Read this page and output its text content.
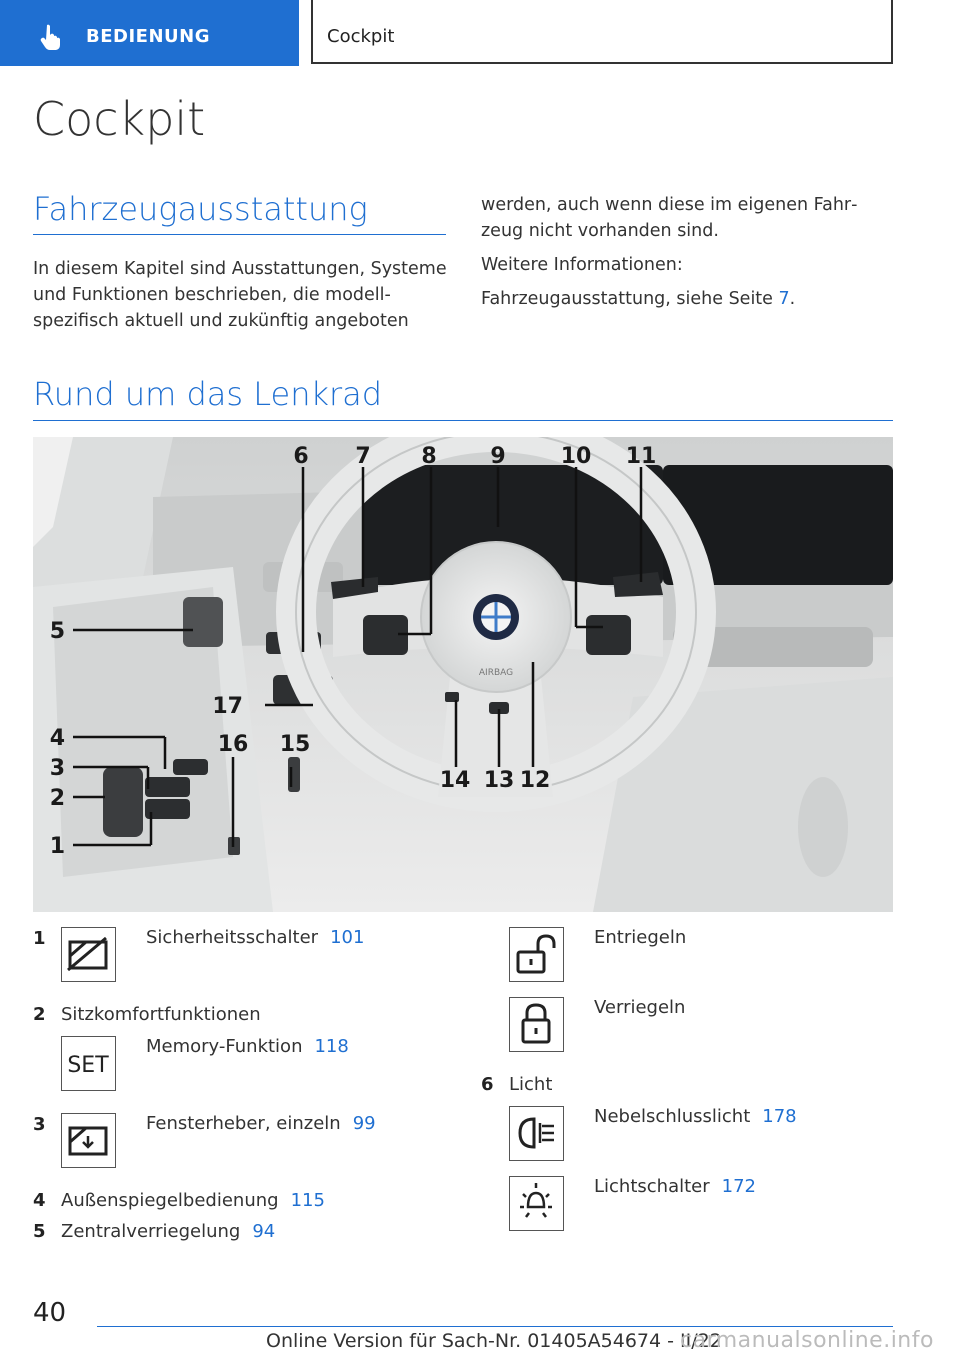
BEDIENUNG	Cockpit
Cockpit
Fahrzeugausstattung

In diesem Kapitel sind Ausstattungen, Systeme und Funktionen beschrieben, die modellspezifisch aktuell und zukünftig angeboten

werden, auch wenn diese im eigenen Fahrzeug nicht vorhanden sind.

Weitere Informationen:

Fahrzeugausstattung, siehe Seite 7.

Rund um das Lenkrad
AIRBAG
6 7 8 9	10 11
5
17
4
3
2
1
16 15
14 13 12
1	Sicherheitsschalter 101
2 Sitzkomfortfunktionen
SET
Memory-Funktion 118
3	Fensterheber, einzeln 99
4 Außenspiegelbedienung 115
5 Zentralverriegelung 94
Entriegeln
Verriegeln
6 Licht
Nebelschlusslicht 178
Lichtschalter 172
40
Online Version für Sach-Nr. 01405A54674 - II/22
carmanualsonline.info
